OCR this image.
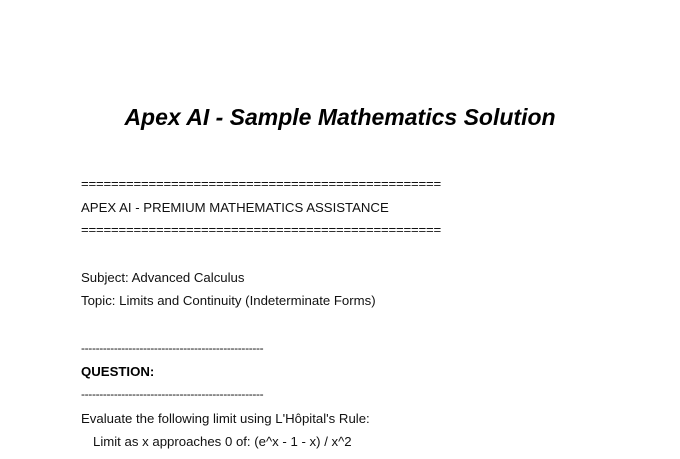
Apex AI - Sample Mathematics Solution
================================================
APEX AI - PREMIUM MATHEMATICS ASSISTANCE
================================================
Subject: Advanced Calculus
Topic: Limits and Continuity (Indeterminate Forms)
--------------------------------------------------
QUESTION:
--------------------------------------------------
Evaluate the following limit using L'Hôpital's Rule:
Limit as x approaches 0 of: (e^x - 1 - x) / x^2
